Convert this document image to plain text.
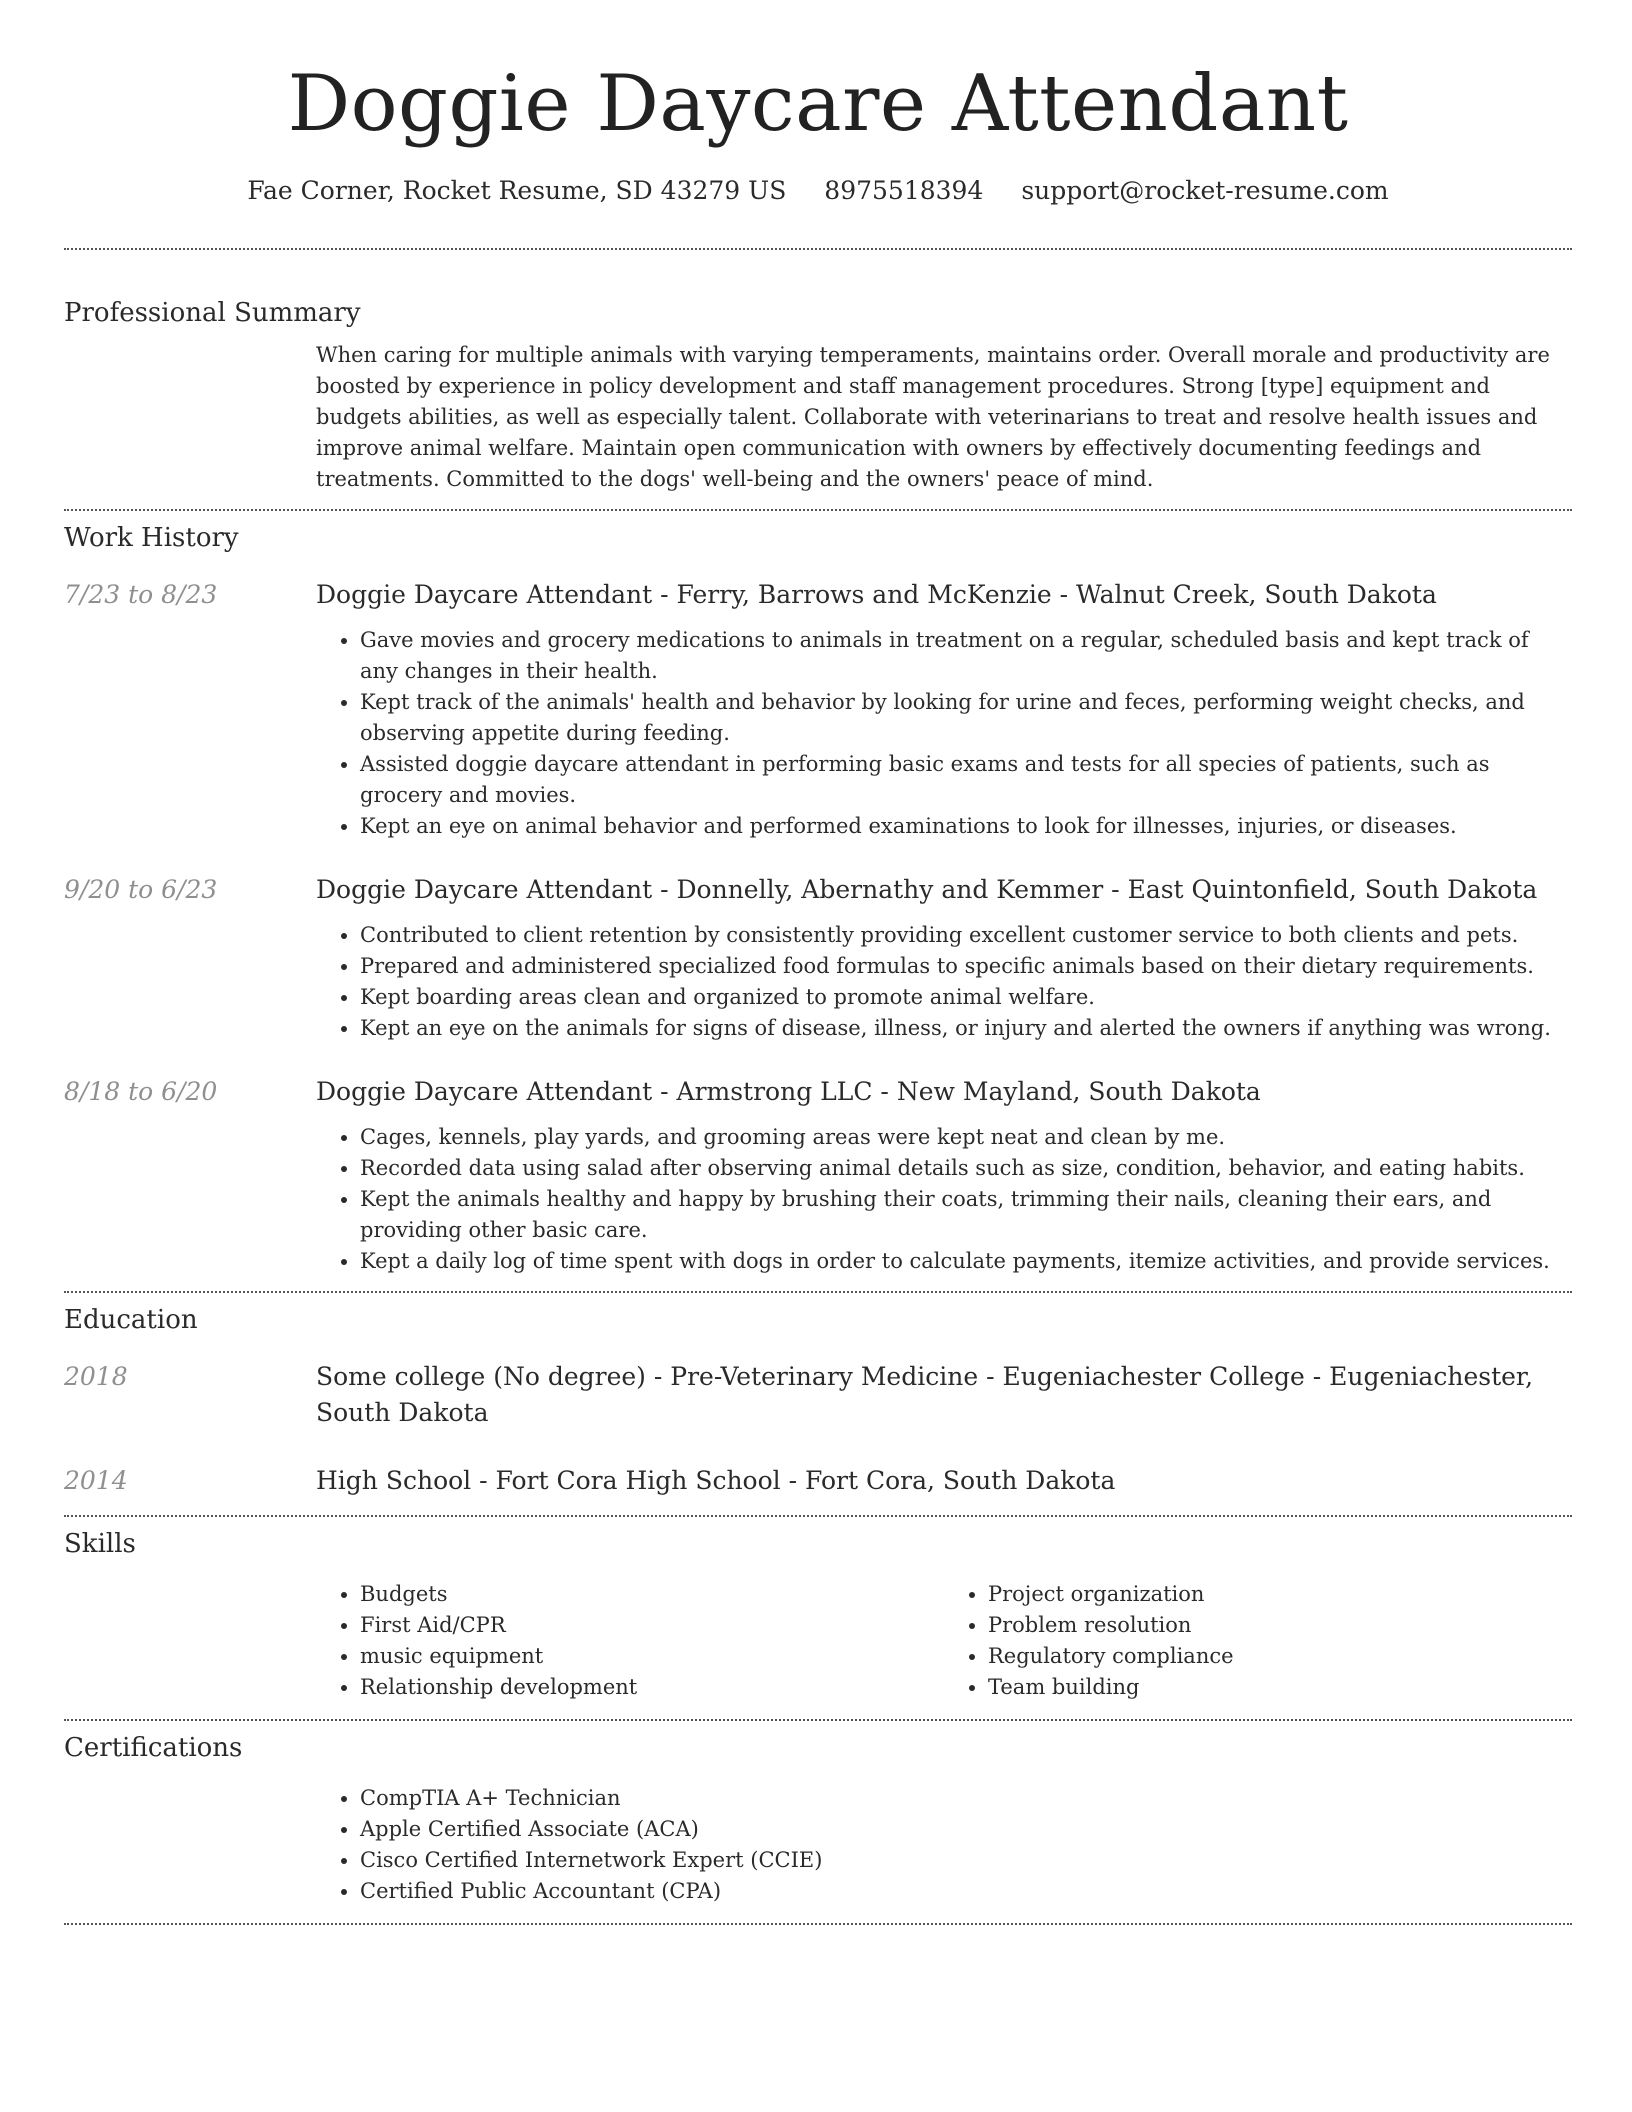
Doggie Daycare Attendant
Fae Corner, Rocket Resume, SD 43279 US 8975518394 support@rocket-resume.com
Professional Summary

When caring for multiple animals with varying temperaments, maintains order. Overall morale and productivity are boosted by experience in policy development and staff management procedures. Strong [type] equipment and budgets abilities, as well as especially talent. Collaborate with veterinarians to treat and resolve health issues and improve animal welfare. Maintain open communication with owners by effectively documenting feedings and treatments. Committed to the dogs' well-being and the owners' peace of mind.

Work History
7/23 to 8/23	Doggie Daycare Attendant - Ferry, Barrows and McKenzie - Walnut Creek, South Dakota

• Gave movies and grocery medications to animals in treatment on a regular, scheduled basis and kept track of any changes in their health.
• Kept track of the animals' health and behavior by looking for urine and feces, performing weight checks, and observing appetite during feeding.
• Assisted doggie daycare attendant in performing basic exams and tests for all species of patients, such as grocery and movies.
• Kept an eye on animal behavior and performed examinations to look for illnesses, injuries, or diseases.
9/20 to 6/23	Doggie Daycare Attendant - Donnelly, Abernathy and Kemmer - East Quintonfield, South Dakota

• Contributed to client retention by consistently providing excellent customer service to both clients and pets.
• Prepared and administered specialized food formulas to specific animals based on their dietary requirements.
• Kept boarding areas clean and organized to promote animal welfare.
• Kept an eye on the animals for signs of disease, illness, or injury and alerted the owners if anything was wrong.
8/18 to 6/20	Doggie Daycare Attendant - Armstrong LLC - New Mayland, South Dakota

• Cages, kennels, play yards, and grooming areas were kept neat and clean by me.
• Recorded data using salad after observing animal details such as size, condition, behavior, and eating habits.
• Kept the animals healthy and happy by brushing their coats, trimming their nails, cleaning their ears, and providing other basic care.
• Kept a daily log of time spent with dogs in order to calculate payments, itemize activities, and provide services.
Education
2018	Some college (No degree) - Pre-Veterinary Medicine - Eugeniachester College - Eugeniachester, South Dakota

2014	High School - Fort Cora High School - Fort Cora, South Dakota

Skills
• Budgets
• First Aid/CPR
• music equipment
• Relationship development
• Project organization
• Problem resolution
• Regulatory compliance
• Team building
Certifications
• CompTIA A+ Technician
• Apple Certified Associate (ACA)
• Cisco Certified Internetwork Expert (CCIE)
• Certified Public Accountant (CPA)
